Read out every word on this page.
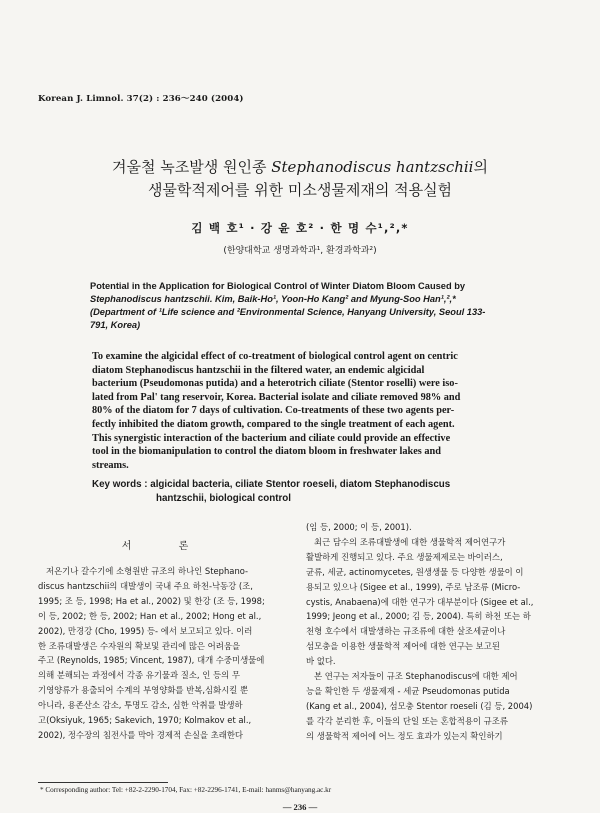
Korean J. Limnol. 37(2) : 236～240 (2004)
겨울철 녹조발생 원인종 Stephanodiscus hantzschii의
생물학적제어를 위한 미소생물제재의 적용실험
김 백 호¹ · 강 윤 호² · 한 명 수¹,²,*
(한양대학교 생명과학과¹, 환경과학과²)
Potential in the Application for Biological Control of Winter Diatom Bloom Caused by
Stephanodiscus hantzschii. Kim, Baik-Ho¹, Yoon-Ho Kang² and Myung-Soo Han¹,²,*
(Department of ¹Life science and ²Environmental Science, Hanyang University, Seoul 133-
791, Korea)
To examine the algicidal effect of co-treatment of biological control agent on centric
diatom Stephanodiscus hantzschii in the filtered water, an endemic algicidal
bacterium (Pseudomonas putida) and a heterotrich ciliate (Stentor roselli) were iso-
lated from Pal' tang reservoir, Korea. Bacterial isolate and ciliate removed 98% and
80% of the diatom for 7 days of cultivation. Co-treatments of these two agents per-
fectly inhibited the diatom growth, compared to the single treatment of each agent.
This synergistic interaction of the bacterium and ciliate could provide an effective
tool in the biomanipulation to control the diatom bloom in freshwater lakes and
streams.
Key words : algicidal bacteria, ciliate Stentor roeseli, diatom Stephanodiscus
hantzschii, biological control
서 론
저온기나 갈수기에 소형원반 규조의 하나인 Stephano-
discus hantzschii의 대발생이 국내 주요 하천-낙동강 (조,
1995; 조 등, 1998; Ha et al., 2002) 및 한강 (조 등, 1998;
이 등, 2002; 한 등, 2002; Han et al., 2002; Hong et al.,
2002), 만경강 (Cho, 1995) 등- 에서 보고되고 있다. 이러
한 조류대발생은 수자원의 확보및 관리에 많은 어려움을
주고 (Reynolds, 1985; Vincent, 1987), 대개 수중미생물에
의해 분해되는 과정에서 각종 유기물과 질소, 인 등의 무
기영양류가 용출되어 수계의 부영양화를 반복,심화시킬 뿐
아니라, 용존산소 감소, 투명도 감소, 심한 악취를 발생하
고(Oksiyuk, 1965; Sakevich, 1970; Kolmakov et al.,
2002), 정수장의 침전사를 막아 경제적 손실을 초래한다
(임 등, 2000; 이 등, 2001).
최근 담수의 조류대발생에 대한 생물학적 제어연구가
활발하게 진행되고 있다. 주요 생물제제로는 바이러스,
균류, 세균, actinomycetes, 원생생물 등 다양한 생물이 이
용되고 있으나 (Sigee et al., 1999), 주로 남조류 (Micro-
cystis, Anabaena)에 대한 연구가 대부분이다 (Sigee et al.,
1999; Jeong et al., 2000; 김 등, 2004). 특히 하천 또는 하
천형 호수에서 대발생하는 규조류에 대한 살조세균이나
섬모충을 이용한 생물학적 제어에 대한 연구는 보고된
바 없다.
본 연구는 저자들이 규조 Stephanodiscus에 대한 제어
능을 확인한 두 생물제재 - 세균 Pseudomonas putida
(Kang et al., 2004), 섬모충 Stentor roeseli (김 등, 2004)
를 각각 분리한 후, 이들의 단일 또는 혼합적용이 규조류
의 생물학적 제어에 어느 정도 효과가 있는지 확인하기
* Corresponding author: Tel: +82-2-2290-1704, Fax: +82-2296-1741, E-mail: hanms@hanyang.ac.kr
— 236 —
